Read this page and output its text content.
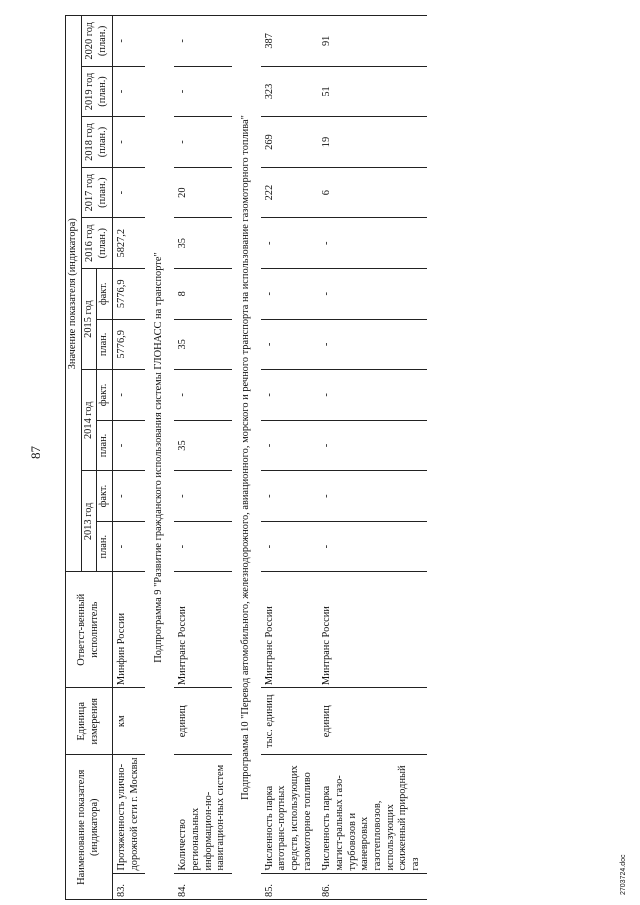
87
Наименование показателя (индикатора)		Единица измерения	Ответст-венный исполнитель	Значение показателя (индикатора)										
				2013 год		2014 год		2015 год		2016 год (план.)	2017 год (план.)	2018 год (план.)	2019 год (план.)	2020 год (план.)
				план.	факт.	план.	факт.	план.	факт.					
83.	Протяженность улично-дорожной сети г. Москвы	км	Минфин России	-	-	-	-	5776,9	5776,9	5827,2	-	-	-	-
Подпрограмма 9 "Развитие гражданского использования системы ГЛОНАСС на транспорте"														
84.	Количество региональных информацион-но-навигацион-ных систем	единиц	Минтранс России	-	-	35	-	35	8	35	20	-	-	-
Подпрограмма 10 "Перевод автомобильного, железнодорожного, авиационного, морского и речного транспорта на использование газомоторного топлива"														
85.	Численность парка автотранс-портных средств, использующих газомоторное топливо	тыс. единиц	Минтранс России	-	-	-	-	-	-	-	222	269	323	387
86.	Численность парка магист-ральных газо-турбовозов и маневровых газотепловозов, использующих сжиженный природный газ	единиц	Минтранс России	-	-	-	-	-	-	-	6	19	51	91
2703724.doc
